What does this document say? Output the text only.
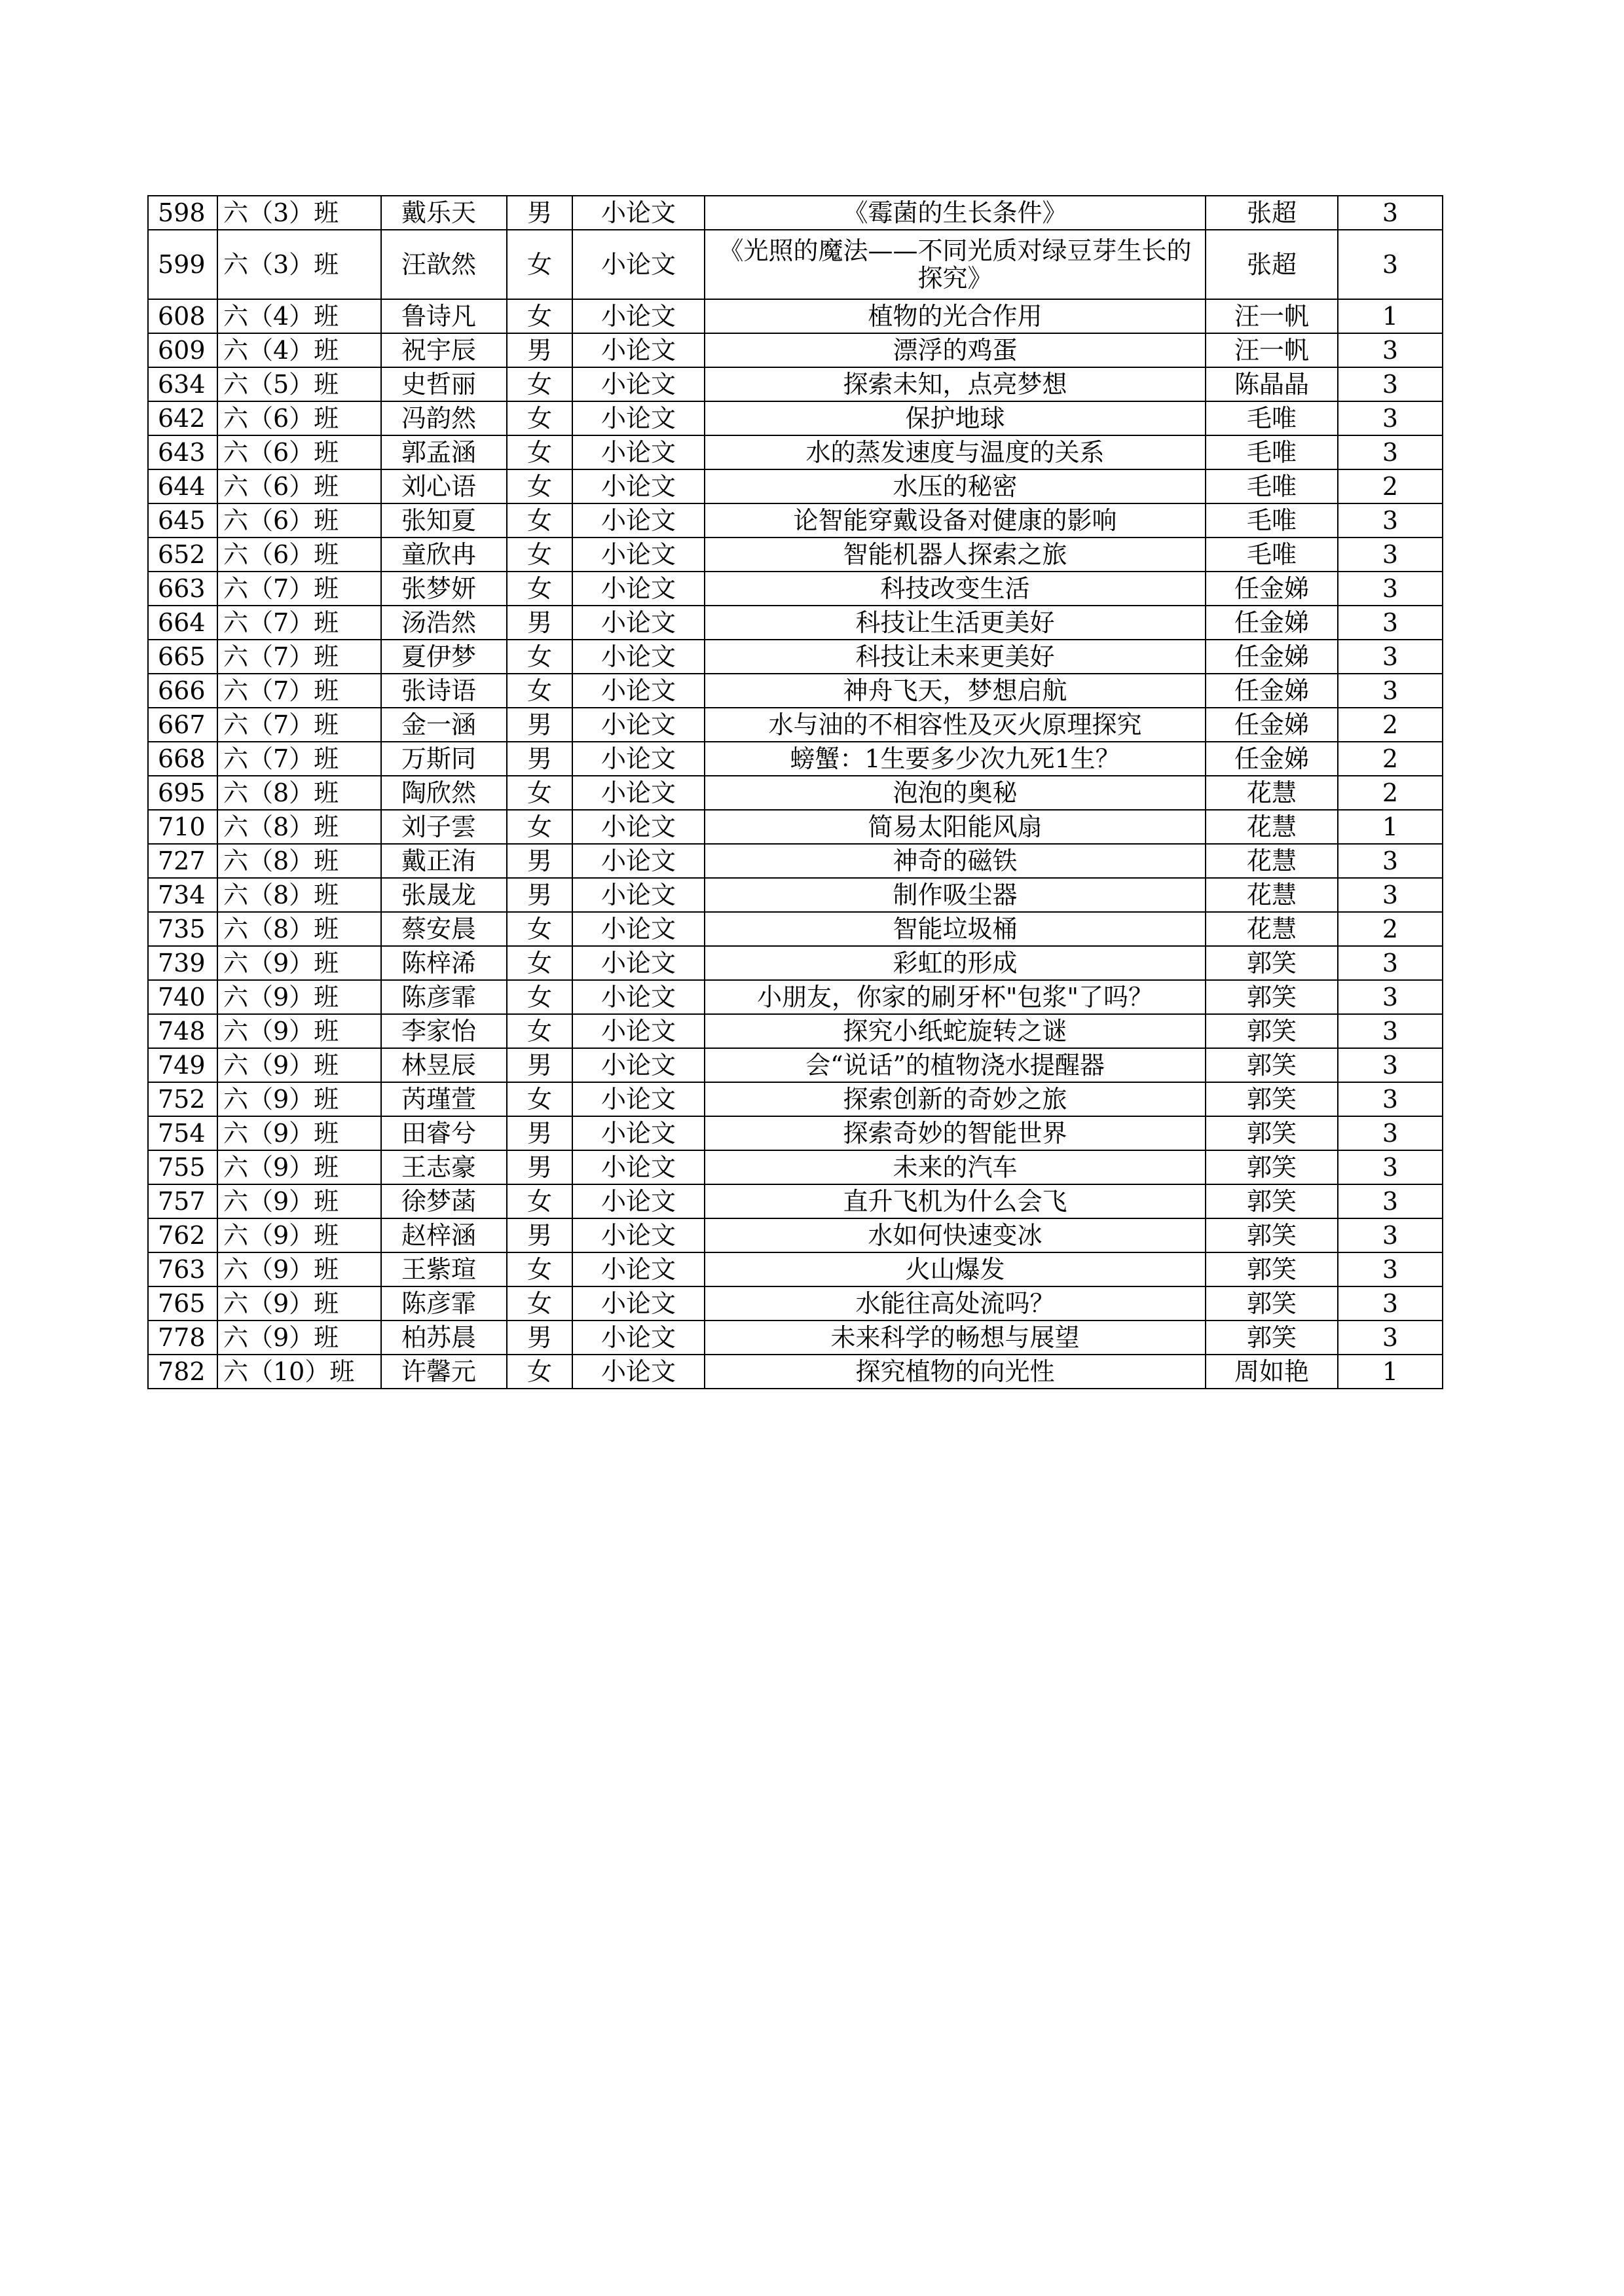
598	六（3）班	戴乐天	男	小论文	《霉菌的生长条件》	张超	3
599	六（3）班	汪歆然	女	小论文	《光照的魔法——不同光质对绿豆芽生长的探究》	张超	3
608	六（4）班	鲁诗凡	女	小论文	植物的光合作用	汪一帆	1
609	六（4）班	祝宇辰	男	小论文	漂浮的鸡蛋	汪一帆	3
634	六（5）班	史哲丽	女	小论文	探索未知，点亮梦想	陈晶晶	3
642	六（6）班	冯韵然	女	小论文	保护地球	毛唯	3
643	六（6）班	郭孟涵	女	小论文	水的蒸发速度与温度的关系	毛唯	3
644	六（6）班	刘心语	女	小论文	水压的秘密	毛唯	2
645	六（6）班	张知夏	女	小论文	论智能穿戴设备对健康的影响	毛唯	3
652	六（6）班	童欣冉	女	小论文	智能机器人探索之旅	毛唯	3
663	六（7）班	张梦妍	女	小论文	科技改变生活	任金娣	3
664	六（7）班	汤浩然	男	小论文	科技让生活更美好	任金娣	3
665	六（7）班	夏伊梦	女	小论文	科技让未来更美好	任金娣	3
666	六（7）班	张诗语	女	小论文	神舟飞天，梦想启航	任金娣	3
667	六（7）班	金一涵	男	小论文	水与油的不相容性及灭火原理探究	任金娣	2
668	六（7）班	万斯同	男	小论文	螃蟹：1生要多少次九死1生？	任金娣	2
695	六（8）班	陶欣然	女	小论文	泡泡的奥秘	花慧	2
710	六（8）班	刘子雲	女	小论文	简易太阳能风扇	花慧	1
727	六（8）班	戴正洧	男	小论文	神奇的磁铁	花慧	3
734	六（8）班	张晟龙	男	小论文	制作吸尘器	花慧	3
735	六（8）班	蔡安晨	女	小论文	智能垃圾桶	花慧	2
739	六（9）班	陈梓浠	女	小论文	彩虹的形成	郭笑	3
740	六（9）班	陈彦霏	女	小论文	小朋友，你家的刷牙杯"包浆"了吗？	郭笑	3
748	六（9）班	李家怡	女	小论文	探究小纸蛇旋转之谜	郭笑	3
749	六（9）班	林昱辰	男	小论文	会“说话”的植物浇水提醒器	郭笑	3
752	六（9）班	芮瑾萱	女	小论文	探索创新的奇妙之旅	郭笑	3
754	六（9）班	田睿兮	男	小论文	探索奇妙的智能世界	郭笑	3
755	六（9）班	王志豪	男	小论文	未来的汽车	郭笑	3
757	六（9）班	徐梦菡	女	小论文	直升飞机为什么会飞	郭笑	3
762	六（9）班	赵梓涵	男	小论文	水如何快速变冰	郭笑	3
763	六（9）班	王紫瑄	女	小论文	火山爆发	郭笑	3
765	六（9）班	陈彦霏	女	小论文	水能往高处流吗？	郭笑	3
778	六（9）班	柏苏晨	男	小论文	未来科学的畅想与展望	郭笑	3
782	六（10）班	许馨元	女	小论文	探究植物的向光性	周如艳	1
